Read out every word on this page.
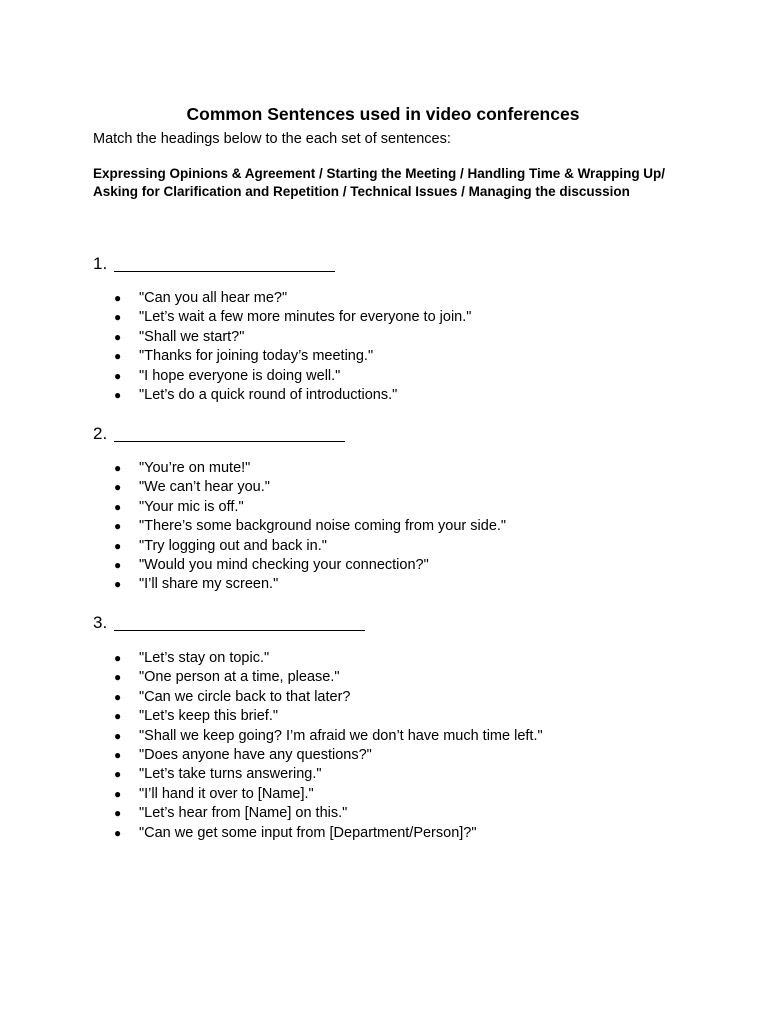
Common Sentences used in video conferences

Match the headings below to the each set of sentences:

Expressing Opinions & Agreement / Starting the Meeting / Handling Time & Wrapping Up/ Asking for Clarification and Repetition / Technical Issues / Managing the discussion

1.
● "Can you all hear me?"
● "Let’s wait a few more minutes for everyone to join."
● "Shall we start?"
● "Thanks for joining today’s meeting."
● "I hope everyone is doing well."
● "Let’s do a quick round of introductions."
2.
● "You’re on mute!"
● "We can’t hear you."
● "Your mic is off."
● "There’s some background noise coming from your side."
● "Try logging out and back in."
● "Would you mind checking your connection?"
● "I’ll share my screen."
3.
● "Let’s stay on topic."
● "One person at a time, please."
● "Can we circle back to that later?
● "Let’s keep this brief."
● "Shall we keep going? I’m afraid we don’t have much time left."
● "Does anyone have any questions?"
● "Let’s take turns answering."
● "I’ll hand it over to [Name]."
● "Let’s hear from [Name] on this."
● "Can we get some input from [Department/Person]?"
